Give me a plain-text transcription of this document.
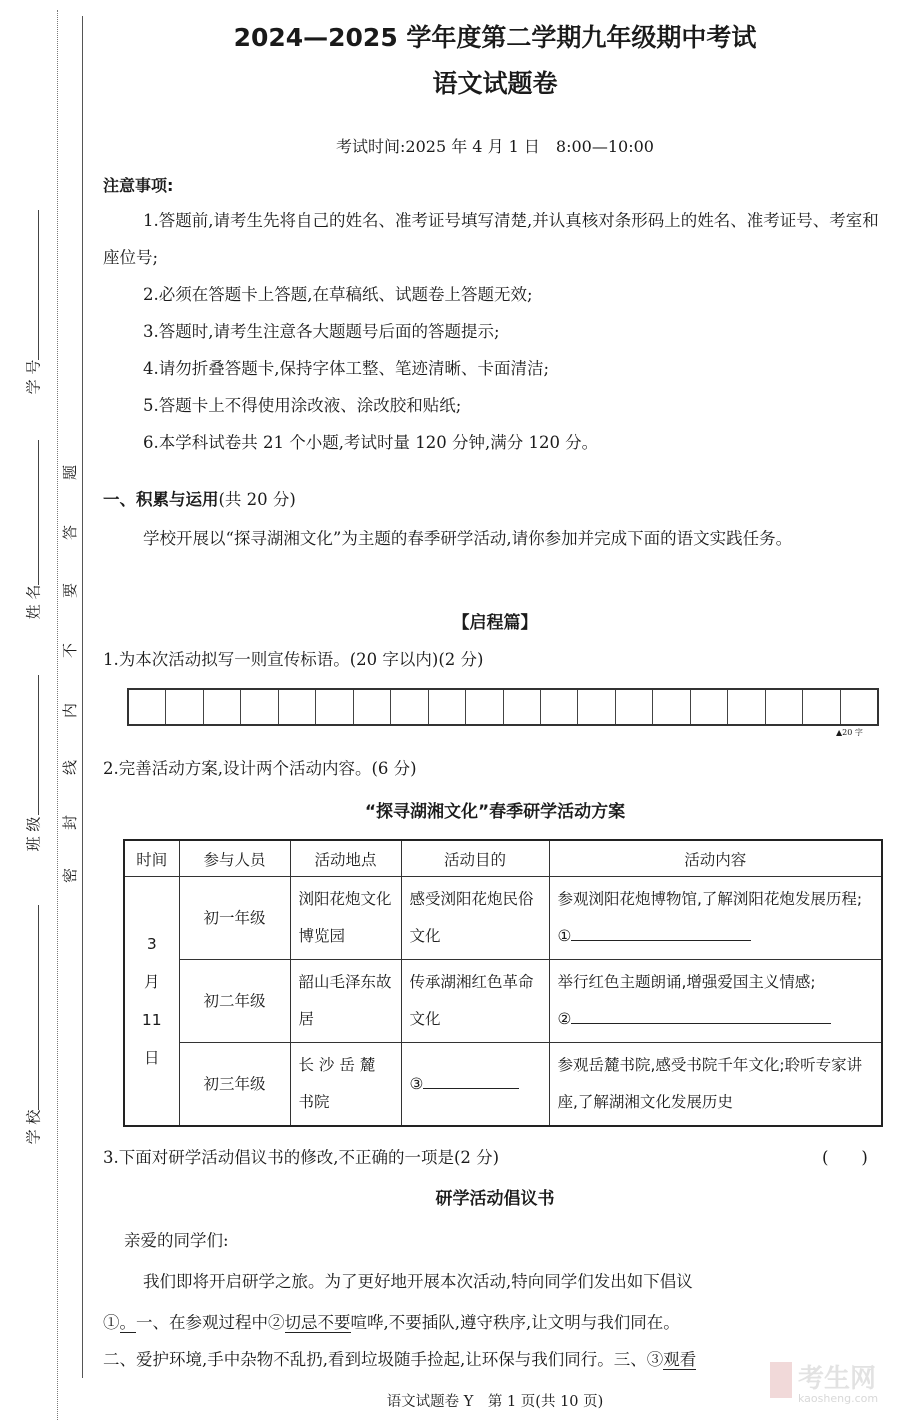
学 号
姓 名
班 级
学 校
密
封
线
内
不
要
答
题
2024—2025 学年度第二学期九年级期中考试
语文试题卷
考试时间:2025 年 4 月 1 日　8:00—10:00
注意事项:
1.答题前,请考生先将自己的姓名、准考证号填写清楚,并认真核对条形码上的姓名、准考证号、考室和座位号;
2.必须在答题卡上答题,在草稿纸、试题卷上答题无效;
3.答题时,请考生注意各大题题号后面的答题提示;
4.请勿折叠答题卡,保持字体工整、笔迹清晰、卡面清洁;
5.答题卡上不得使用涂改液、涂改胶和贴纸;
6.本学科试卷共 21 个小题,考试时量 120 分钟,满分 120 分。
一、积累与运用(共 20 分)
学校开展以“探寻湖湘文化”为主题的春季研学活动,请你参加并完成下面的语文实践任务。
【启程篇】
1.为本次活动拟写一则宣传标语。(20 字以内)(2 分)
▲20 字
2.完善活动方案,设计两个活动内容。(6 分)
“探寻湖湘文化”春季研学活动方案
时间	参与人员	活动地点	活动目的	活动内容

3
月
11
日	初一年级	浏阳花炮文化博览园	感受浏阳花炮民俗文化	参观浏阳花炮博物馆,了解浏阳花炮发展历程;①
	初二年级	韶山毛泽东故居	传承湖湘红色革命文化	举行红色主题朗诵,增强爱国主义情感;
②
	初三年级	长 沙 岳 麓 书院	③	参观岳麓书院,感受书院千年文化;聆听专家讲座,了解湖湘文化发展历史
3.下面对研学活动倡议书的修改,不正确的一项是(2 分)	(　　)
研学活动倡议书
亲爱的同学们:
我们即将开启研学之旅。为了更好地开展本次活动,特向同学们发出如下倡议
①。一、在参观过程中②切忌不要喧哗,不要插队,遵守秩序,让文明与我们同在。
二、爱护环境,手中杂物不乱扔,看到垃圾随手捡起,让环保与我们同行。三、③观看
语文试题卷 Y　第 1 页(共 10 页)
考生网
kaosheng.com
